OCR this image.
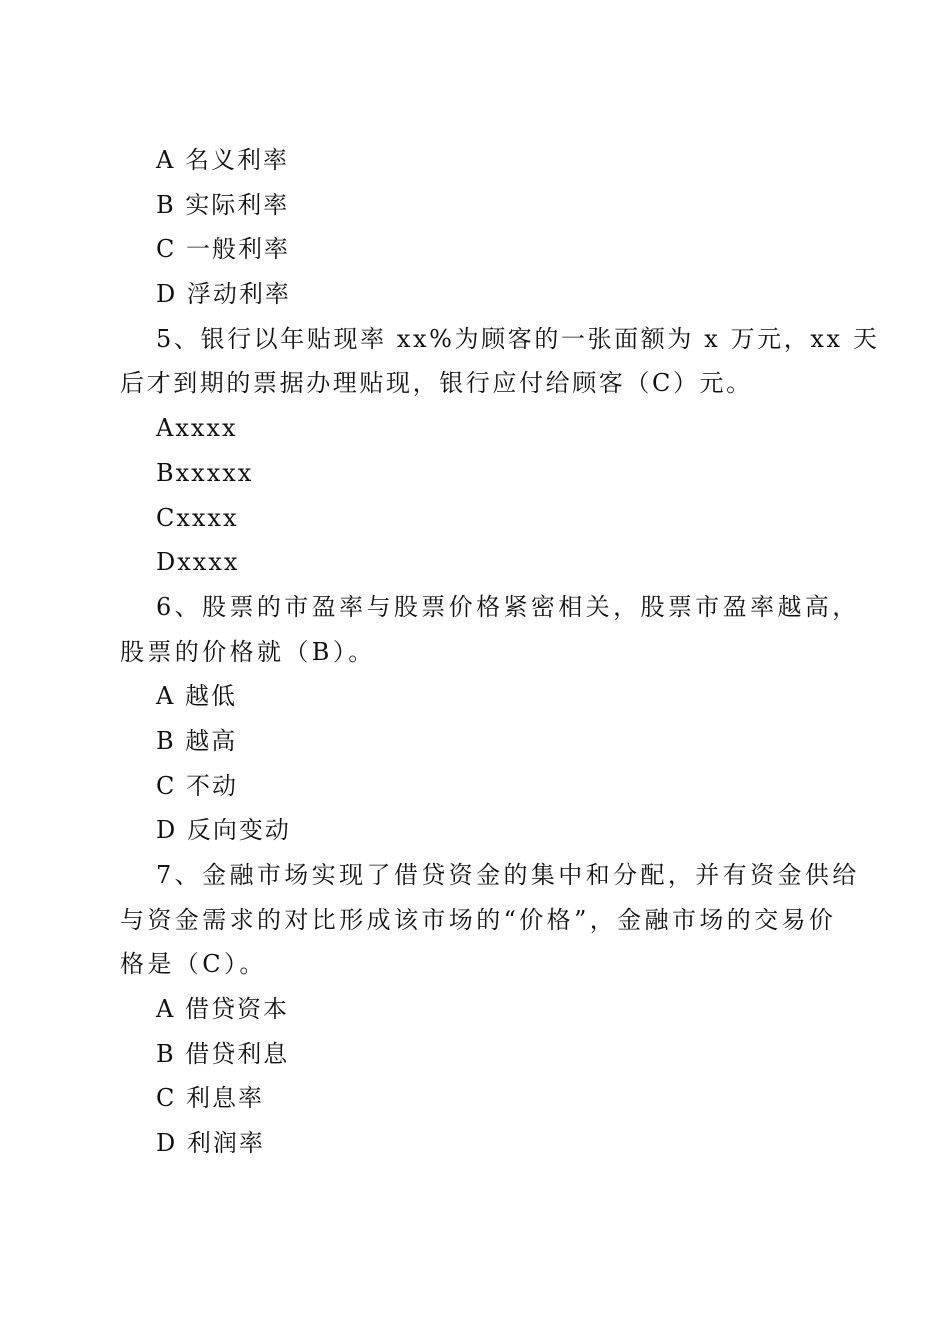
A 名义利率
B 实际利率
C 一般利率
D 浮动利率
5、银行以年贴现率 xx%为顾客的一张面额为 x 万元，xx 天
后才到期的票据办理贴现，银行应付给顾客（C）元。
Axxxx
Bxxxxx
Cxxxx
Dxxxx
6、股票的市盈率与股票价格紧密相关，股票市盈率越高，
股票的价格就（B）。
A 越低
B 越高
C 不动
D 反向变动
7、金融市场实现了借贷资金的集中和分配，并有资金供给
与资金需求的对比形成该市场的“价格”，金融市场的交易价
格是（C）。
A 借贷资本
B 借贷利息
C 利息率
D 利润率
